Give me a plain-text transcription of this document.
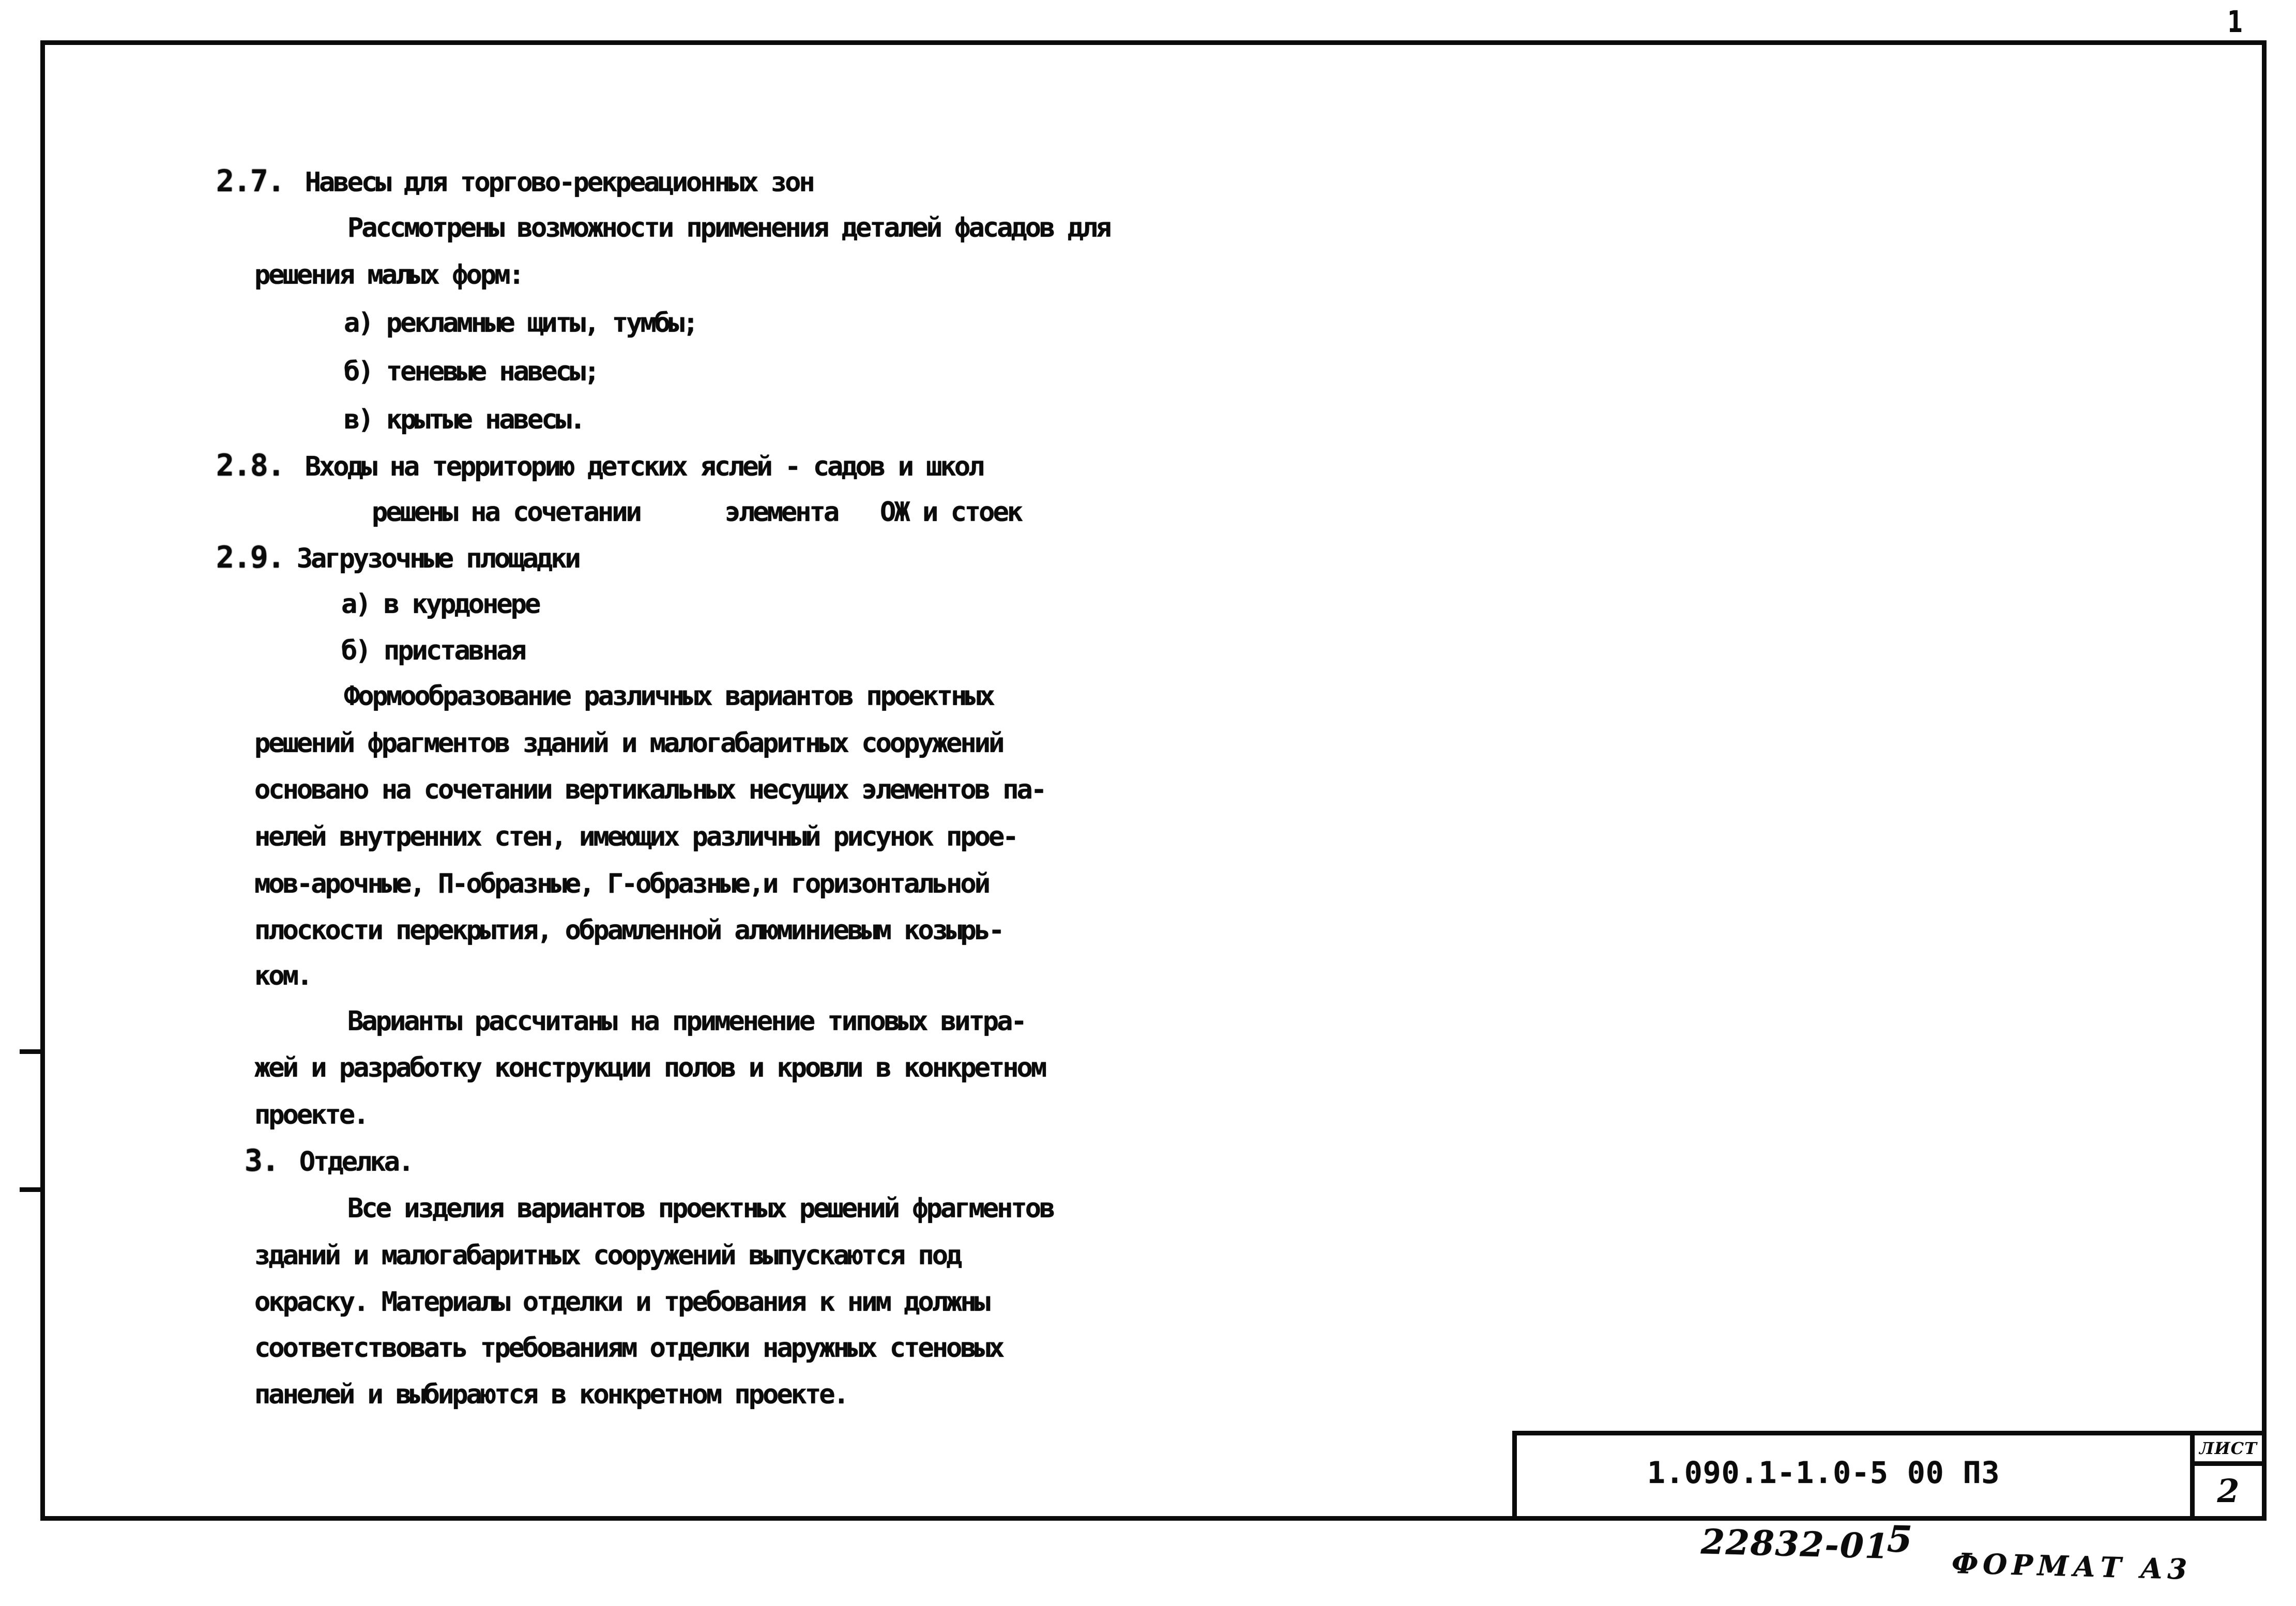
1

2.7. Навесы для торгово-рекреационных зон

Рассмотрены возможности применения деталей фасадов для

решения малых форм:

а) рекламные щиты, тумбы;

б) теневые навесы;

в) крытые навесы.

2.8. Входы на территорию детских яслей - садов и школ

решены на сочетании      элемента   ОЖ и стоек

2.9. Загрузочные площадки

а) в курдонере

б) приставная

Формообразование различных вариантов проектных

решений фрагментов зданий и малогабаритных сооружений

основано на сочетании вертикальных несущих элементов па-

нелей внутренних стен, имеющих различный рисунок прое-

мов-арочные, П-образные, Г-образные,и горизонтальной

плоскости перекрытия, обрамленной алюминиевым козырь-

ком.

Варианты рассчитаны на применение типовых витра-

жей и разработку конструкции полов и кровли в конкретном

проекте.

3. Отделка.

Все изделия вариантов проектных решений фрагментов

зданий и малогабаритных сооружений выпускаются под

окраску. Материалы отделки и требования к ним должны

соответствовать требованиям отделки наружных стеновых

панелей и выбираются в конкретном проекте.

1.090.1-1.0-5 00 ПЗ
ЛИСТ
2
22832-01
5
ФОРМАТ А3
